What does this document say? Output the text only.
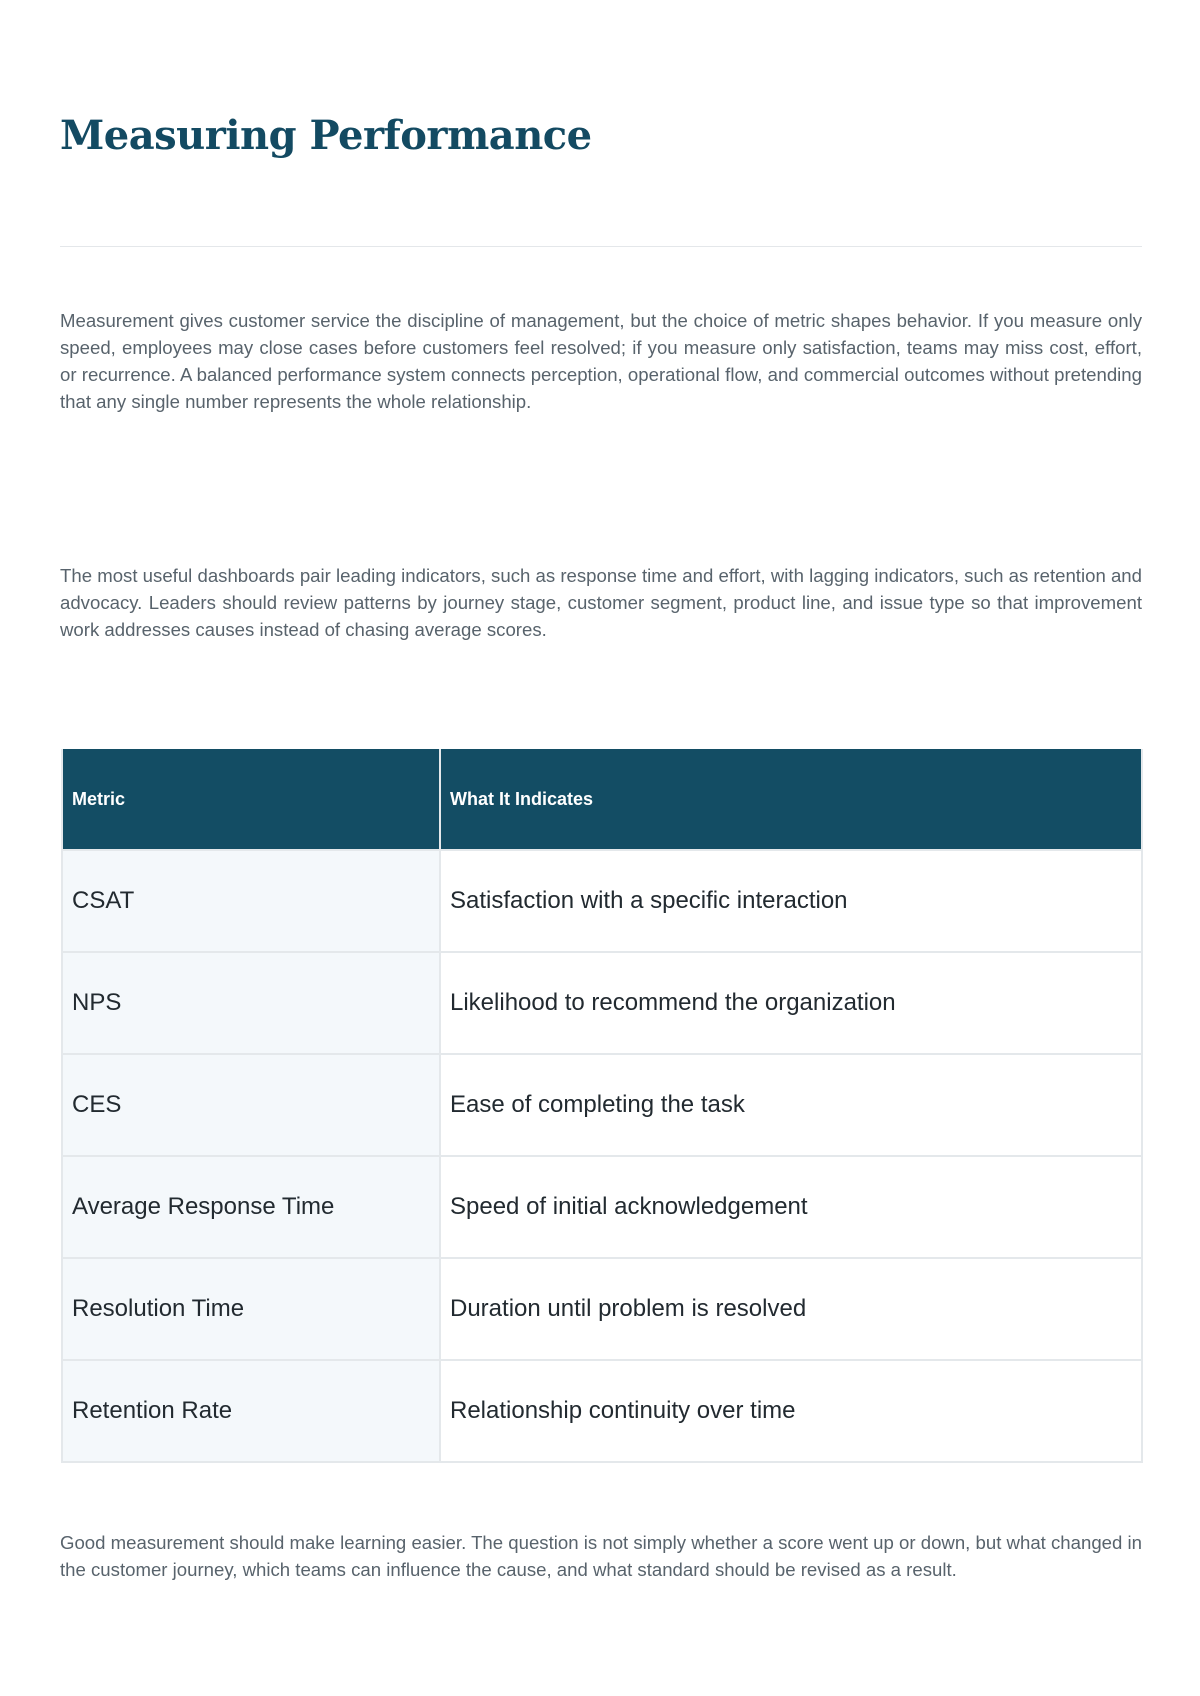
Measuring Performance

Measurement gives customer service the discipline of management, but the choice of metric shapes behavior. If you measure only speed, employees may close cases before customers feel resolved; if you measure only satisfaction, teams may miss cost, effort, or recurrence. A balanced performance system connects perception, operational flow, and commercial outcomes without pretending that any single number represents the whole relationship.

The most useful dashboards pair leading indicators, such as response time and effort, with lagging indicators, such as retention and advocacy. Leaders should review patterns by journey stage, customer segment, product line, and issue type so that improvement work addresses causes instead of chasing average scores.

Metric	What It Indicates
CSAT	Satisfaction with a specific interaction
NPS	Likelihood to recommend the organization
CES	Ease of completing the task
Average Response Time	Speed of initial acknowledgement
Resolution Time	Duration until problem is resolved
Retention Rate	Relationship continuity over time

Good measurement should make learning easier. The question is not simply whether a score went up or down, but what changed in the customer journey, which teams can influence the cause, and what standard should be revised as a result.
